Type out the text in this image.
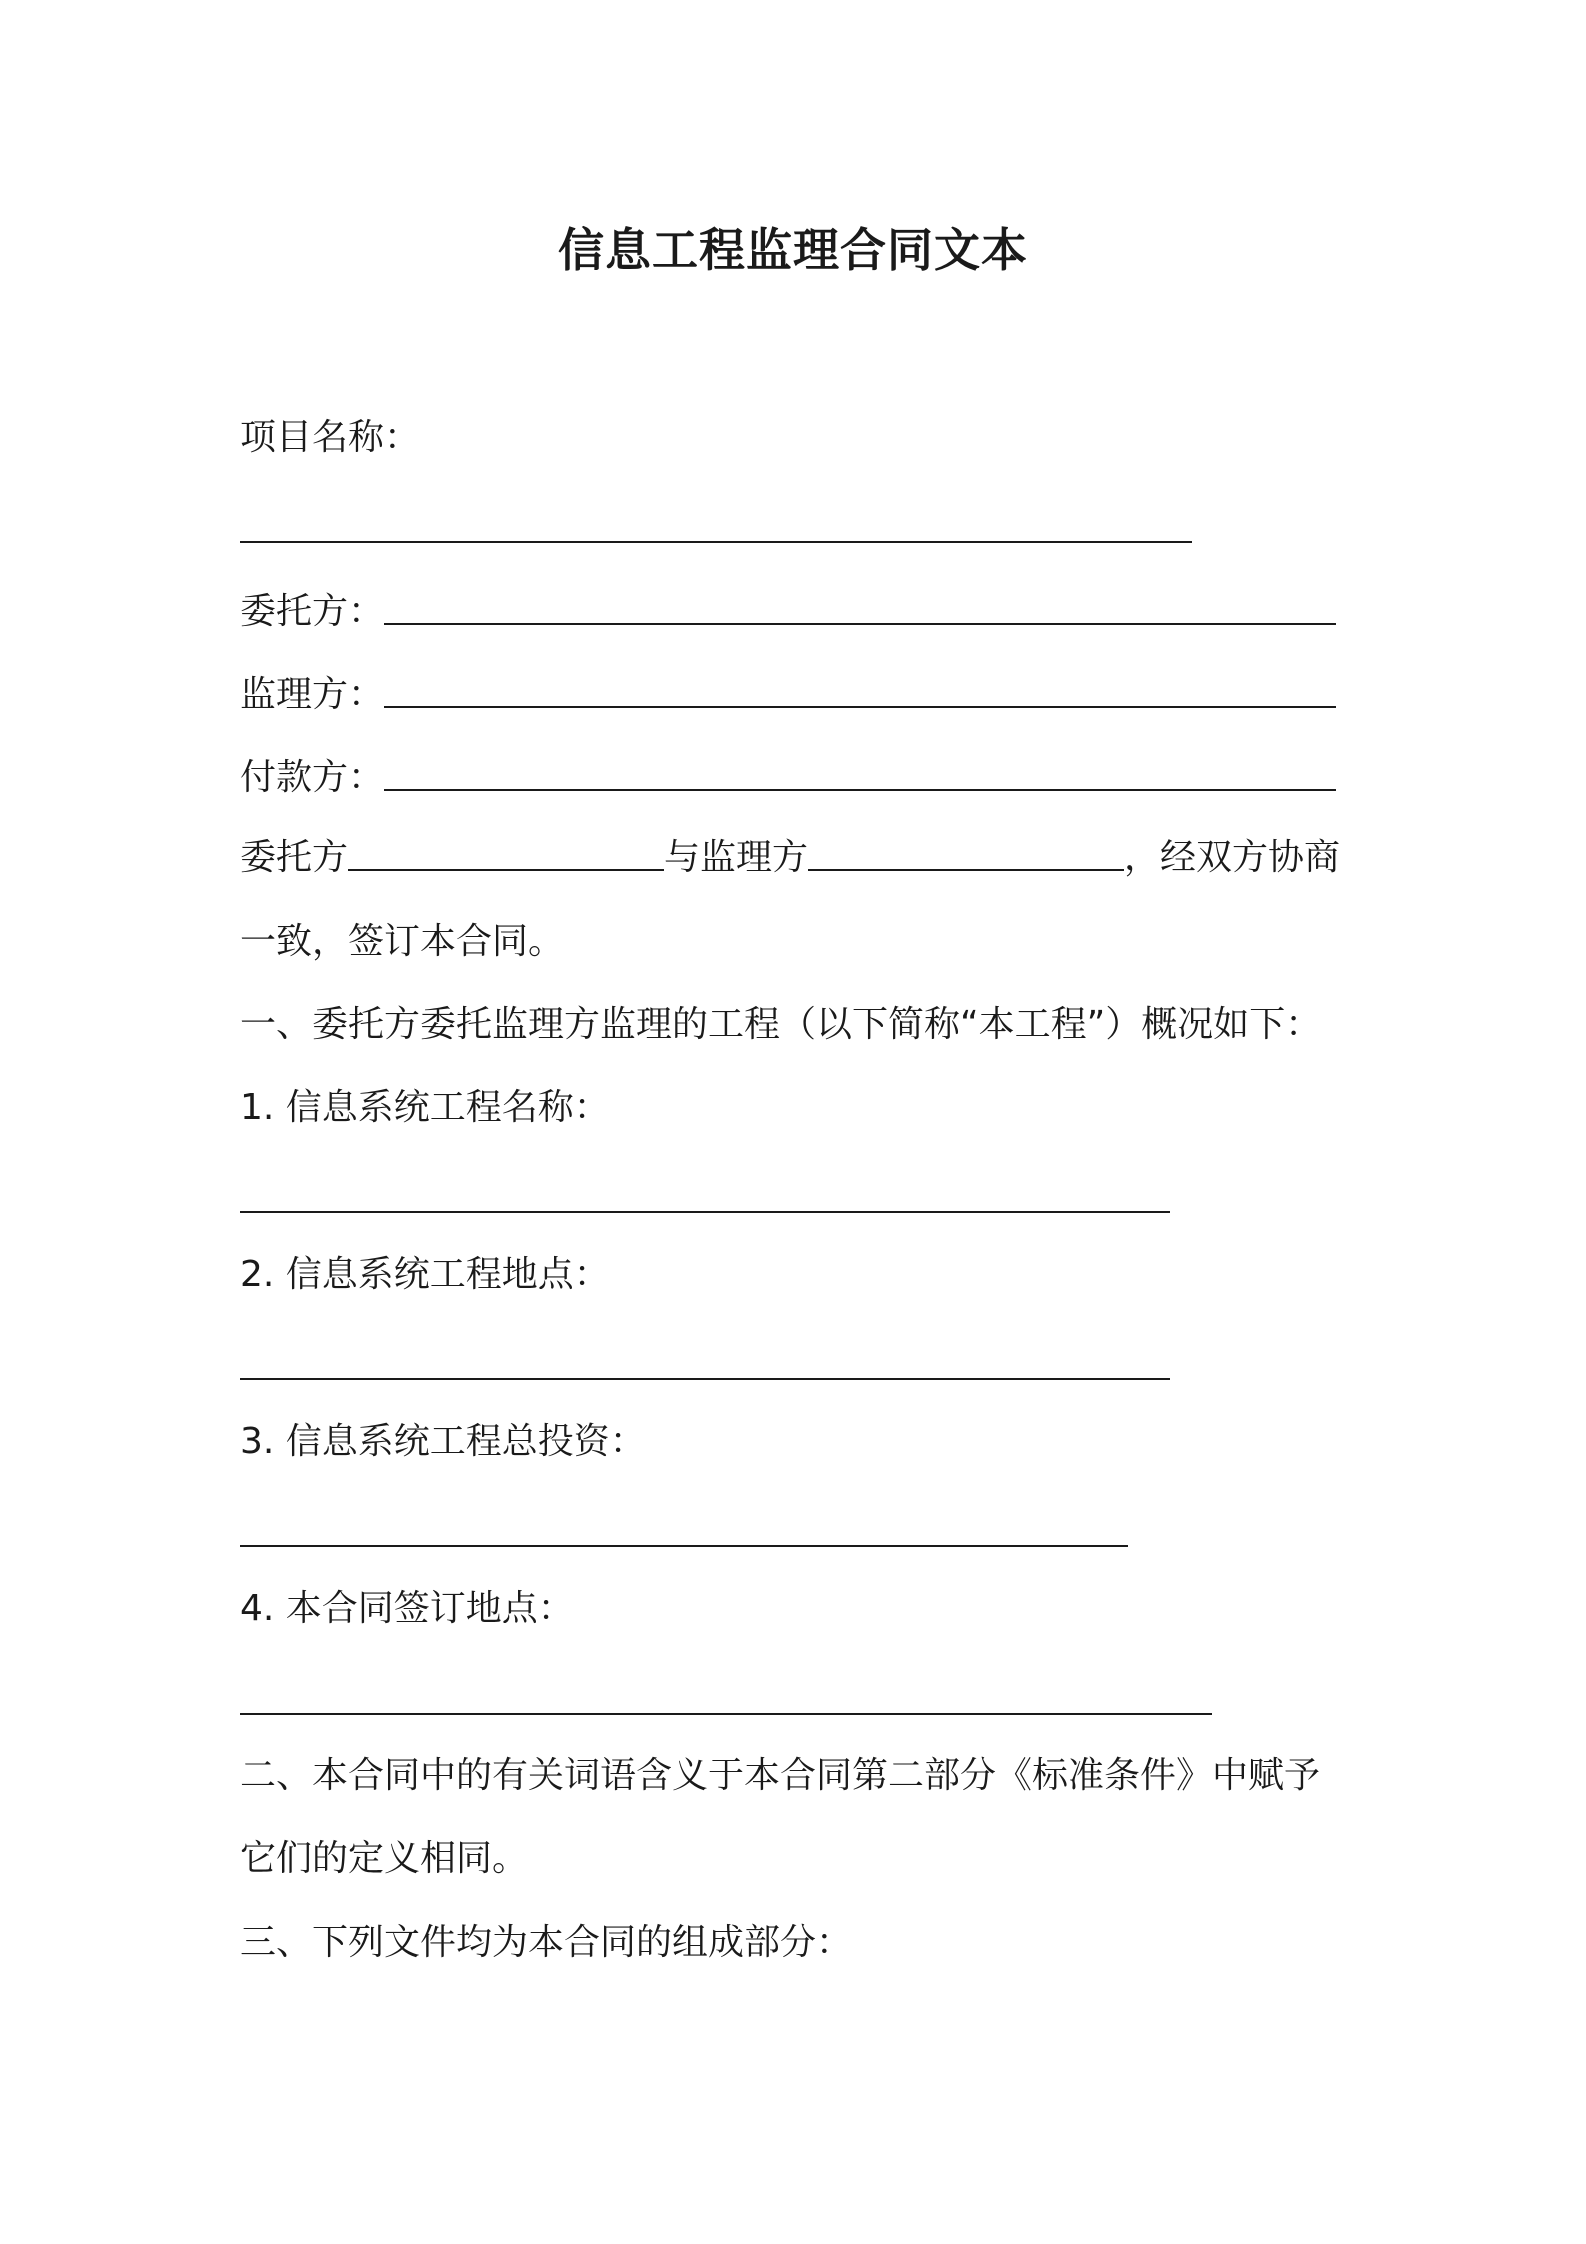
信息工程监理合同文本
项目名称：
委托方：
监理方：
付款方：
委托方	与监理方	，经双方协商
一致，签订本合同。
一、委托方委托监理方监理的工程（以下简称“本工程”）概况如下：
1. 信息系统工程名称：
2. 信息系统工程地点：
3. 信息系统工程总投资：
4. 本合同签订地点：
二、本合同中的有关词语含义于本合同第二部分《标准条件》中赋予
它们的定义相同。
三、下列文件均为本合同的组成部分：
